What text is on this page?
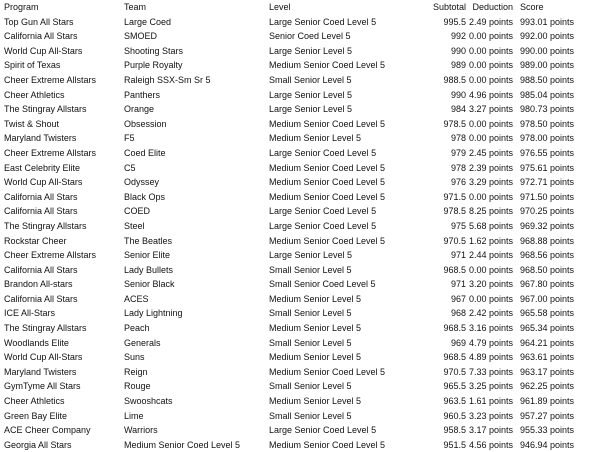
Program	Team	Level	Subtotal	Deduction	Score
Top Gun All Stars	Large Coed	Large Senior Coed Level 5	995.5	2.49 points	993.01 points
California All Stars	SMOED	Senior Coed Level 5	992	0.00 points	992.00 points
World Cup All-Stars	Shooting Stars	Large Senior Level 5	990	0.00 points	990.00 points
Spirit of Texas	Purple Royalty	Medium Senior Coed Level 5	989	0.00 points	989.00 points
Cheer Extreme Allstars	Raleigh SSX-Sm Sr 5	Small Senior Level 5	988.5	0.00 points	988.50 points
Cheer Athletics	Panthers	Large Senior Level 5	990	4.96 points	985.04 points
The Stingray Allstars	Orange	Large Senior Level 5	984	3.27 points	980.73 points
Twist & Shout	Obsession	Medium Senior Coed Level 5	978.5	0.00 points	978.50 points
Maryland Twisters	F5	Medium Senior Level 5	978	0.00 points	978.00 points
Cheer Extreme Allstars	Coed Elite	Large Senior Coed Level 5	979	2.45 points	976.55 points
East Celebrity Elite	C5	Medium Senior Coed Level 5	978	2.39 points	975.61 points
World Cup All-Stars	Odyssey	Medium Senior Coed Level 5	976	3.29 points	972.71 points
California All Stars	Black Ops	Medium Senior Coed Level 5	971.5	0.00 points	971.50 points
California All Stars	COED	Large Senior Coed Level 5	978.5	8.25 points	970.25 points
The Stingray Allstars	Steel	Large Senior Coed Level 5	975	5.68 points	969.32 points
Rockstar Cheer	The Beatles	Medium Senior Coed Level 5	970.5	1.62 points	968.88 points
Cheer Extreme Allstars	Senior Elite	Large Senior Level 5	971	2.44 points	968.56 points
California All Stars	Lady Bullets	Small Senior Level 5	968.5	0.00 points	968.50 points
Brandon All-stars	Senior Black	Small Senior Coed Level 5	971	3.20 points	967.80 points
California All Stars	ACES	Medium Senior Level 5	967	0.00 points	967.00 points
ICE All-Stars	Lady Lightning	Small Senior Level 5	968	2.42 points	965.58 points
The Stingray Allstars	Peach	Medium Senior Level 5	968.5	3.16 points	965.34 points
Woodlands Elite	Generals	Small Senior Level 5	969	4.79 points	964.21 points
World Cup All-Stars	Suns	Medium Senior Level 5	968.5	4.89 points	963.61 points
Maryland Twisters	Reign	Medium Senior Coed Level 5	970.5	7.33 points	963.17 points
GymTyme All Stars	Rouge	Small Senior Level 5	965.5	3.25 points	962.25 points
Cheer Athletics	Swooshcats	Medium Senior Level 5	963.5	1.61 points	961.89 points
Green Bay Elite	Lime	Small Senior Level 5	960.5	3.23 points	957.27 points
ACE Cheer Company	Warriors	Large Senior Coed Level 5	958.5	3.17 points	955.33 points
Georgia All Stars	Medium Senior Coed Level 5	Medium Senior Coed Level 5	951.5	4.56 points	946.94 points
